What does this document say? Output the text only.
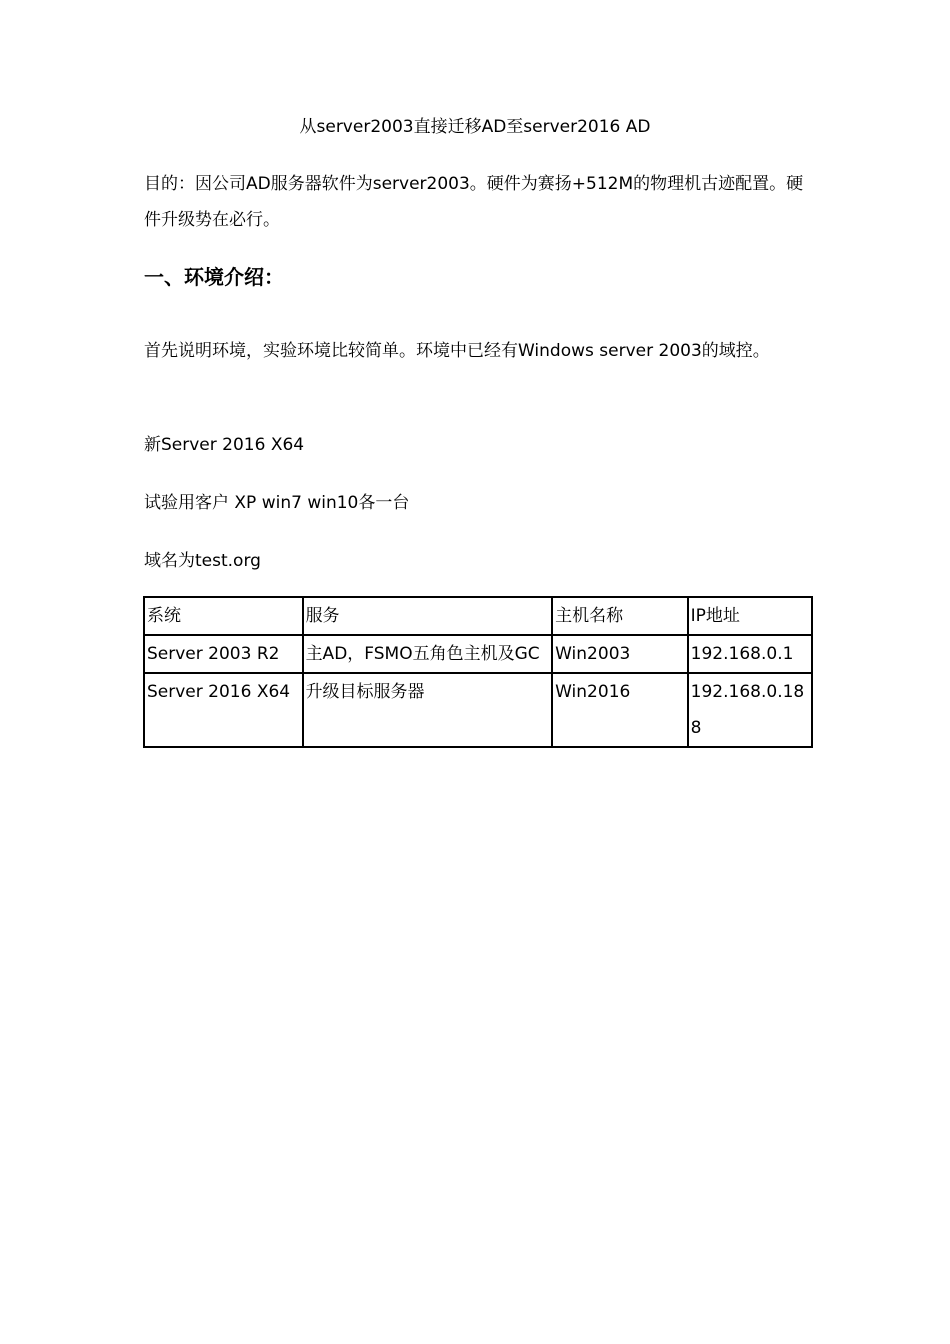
从server2003直接迁移AD至server2016 AD
目的：因公司AD服务器软件为server2003。硬件为赛扬+512M的物理机古迹配置。硬件升级势在必行。
一、环境介绍：
首先说明环境，实验环境比较简单。环境中已经有Windows server 2003的域控。
新Server 2016 X64
试验用客户 XP win7 win10各一台
域名为test.org
系统	服务	主机名称	IP地址
Server 2003 R2	主AD，FSMO五角色主机及GC	Win2003	192.168.0.1
Server 2016 X64	升级目标服务器	Win2016	192.168.0.188
